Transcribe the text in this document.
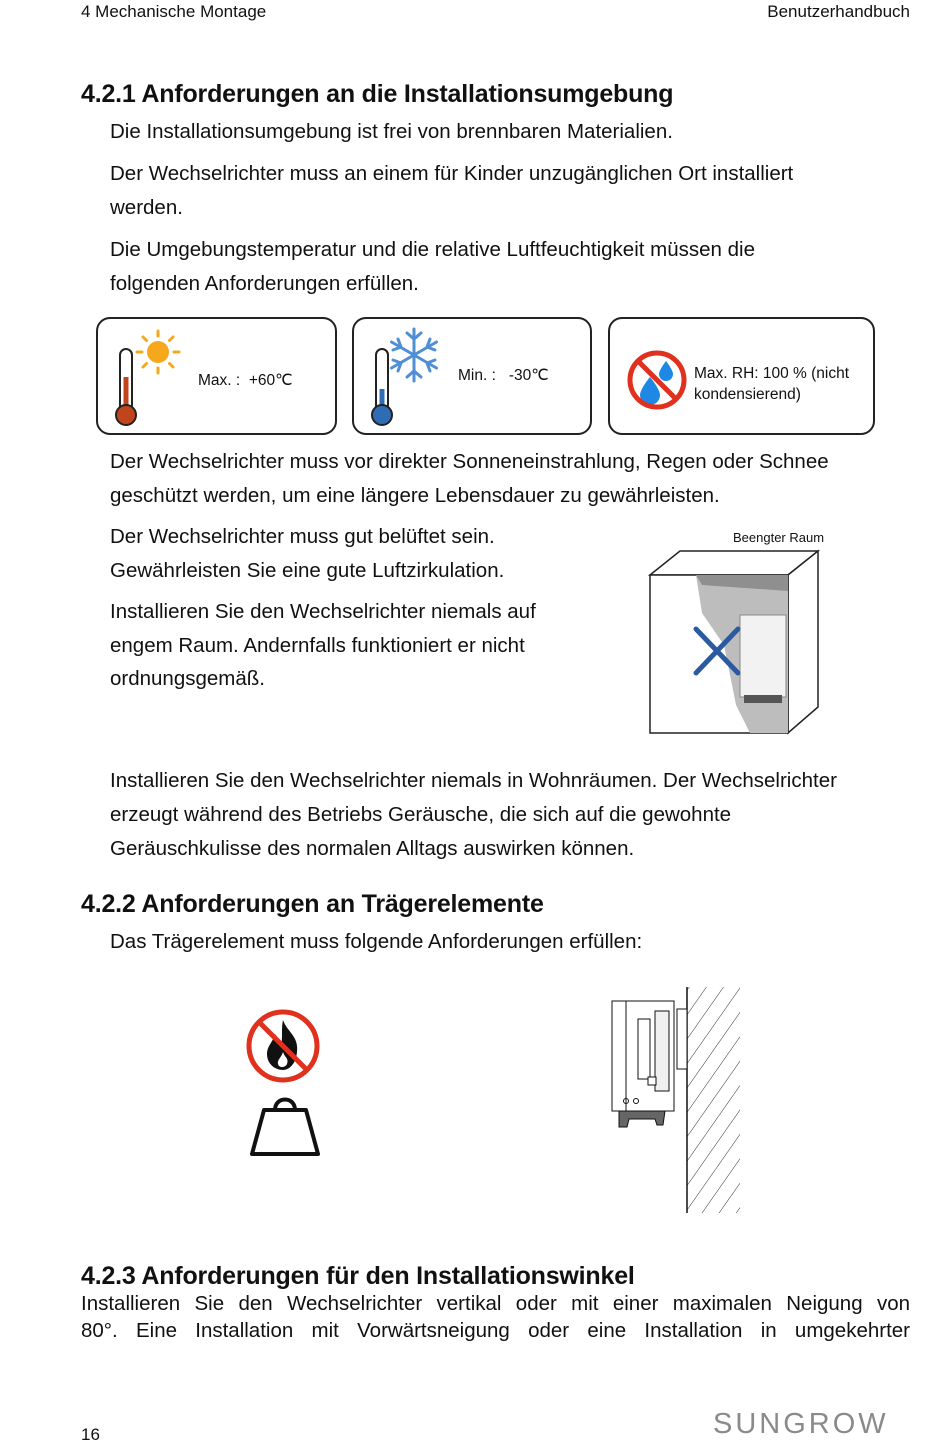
4 Mechanische Montage	Benutzerhandbuch
4.2.1 Anforderungen an die Installationsumgebung
Die Installationsumgebung ist frei von brennbaren Materialien.
Der Wechselrichter muss an einem für Kinder unzugänglichen Ort installiert
werden.
Die Umgebungstemperatur und die relative Luftfeuchtigkeit müssen die
folgenden Anforderungen erfüllen.
Max. :  +60℃	Min. :   -30℃	Max. RH: 100 % (nicht
kondensierend)
Der Wechselrichter muss vor direkter Sonneneinstrahlung, Regen oder Schnee
geschützt werden, um eine längere Lebensdauer zu gewährleisten.
Der Wechselrichter muss gut belüftet sein.
Gewährleisten Sie eine gute Luftzirkulation.
Installieren Sie den Wechselrichter niemals auf
engem Raum. Andernfalls funktioniert er nicht
ordnungsgemäß.
Beengter Raum
Installieren Sie den Wechselrichter niemals in Wohnräumen. Der Wechselrichter
erzeugt während des Betriebs Geräusche, die sich auf die gewohnte
Geräuschkulisse des normalen Alltags auswirken können.
4.2.2 Anforderungen an Trägerelemente
Das Trägerelement muss folgende Anforderungen erfüllen:
4.2.3 Anforderungen für den Installationswinkel
Installieren Sie den Wechselrichter vertikal oder mit einer maximalen Neigung von
80°. Eine Installation mit Vorwärtsneigung oder eine Installation in umgekehrter
16	SUNGROW
